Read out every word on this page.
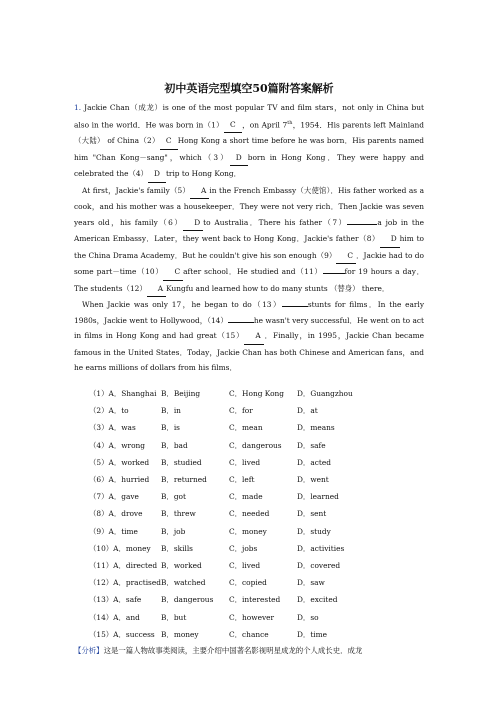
初中英语完型填空50篇附答案解析

1. Jackie Chan（成龙）is one of the most popular TV and film stars，not only in China but also in the world．He was born in（1） C ，on April 7th，1954．His parents left Mainland （大陆） of China（2） C Hong Kong a short time before he was born．His parents named him "Chan Kong－sang"，which（3） D born in Hong Kong．They were happy and celebrated the（4） D trip to Hong Kong．

At first，Jackie's family（5） A in the French Embassy（大使馆）．His father worked as a cook，and his mother was a housekeeper．They were not very rich．Then Jackie was seven years old，his family（6） D to Australia．There his father（7）	a job in the American Embassy．Later，they went back to Hong Kong．Jackie's father（8） D him to the China Drama Academy．But he couldn't give his son enough（9） C ．Jackie had to do some part－time（10） C after school．He studied and（11）	for 19 hours a day．The students（12） A Kungfu and learned how to do many stunts （替身） there．

When Jackie was only 17，he began to do（13）	stunts for films．In the early 1980s，Jackie went to Hollywood，（14）	he wasn't very successful．He went on to act in films in Hong Kong and had great（15） A ．Finally，in 1995，Jackie Chan became famous in the United States．Today，Jackie Chan has both Chinese and American fans，and he earns millions of dollars from his films．

（1）A．Shanghai B．Beijing	C．Hong Kong	D．Guangzhou
（2）A．to	B．in	C．for	D．at
（3）A．was	B．is	C．mean	D．means
（4）A．wrong	B．bad	C．dangerous	D．safe
（5）A．worked	B．studied	C．lived	D．acted
（6）A．hurried	B．returned	C．left	D．went
（7）A．gave	B．got	C．made	D．learned
（8）A．drove	B．threw	C．needed	D．sent
（9）A．time	B．job	C．money	D．study
（10）A．money	B．skills	C．jobs	D．activities
（11）A．directed B．worked	C．lived	D．covered
（12）A．practised B．watched	C．copied	D．saw
（13）A．safe	B．dangerous	C．interested	D．excited
（14）A．and	B．but	C．however	D．so
（15）A．success B．money	C．chance	D．time
【分析】这是一篇人物故事类阅读，主要介绍中国著名影视明星成龙的个人成长史．成龙
